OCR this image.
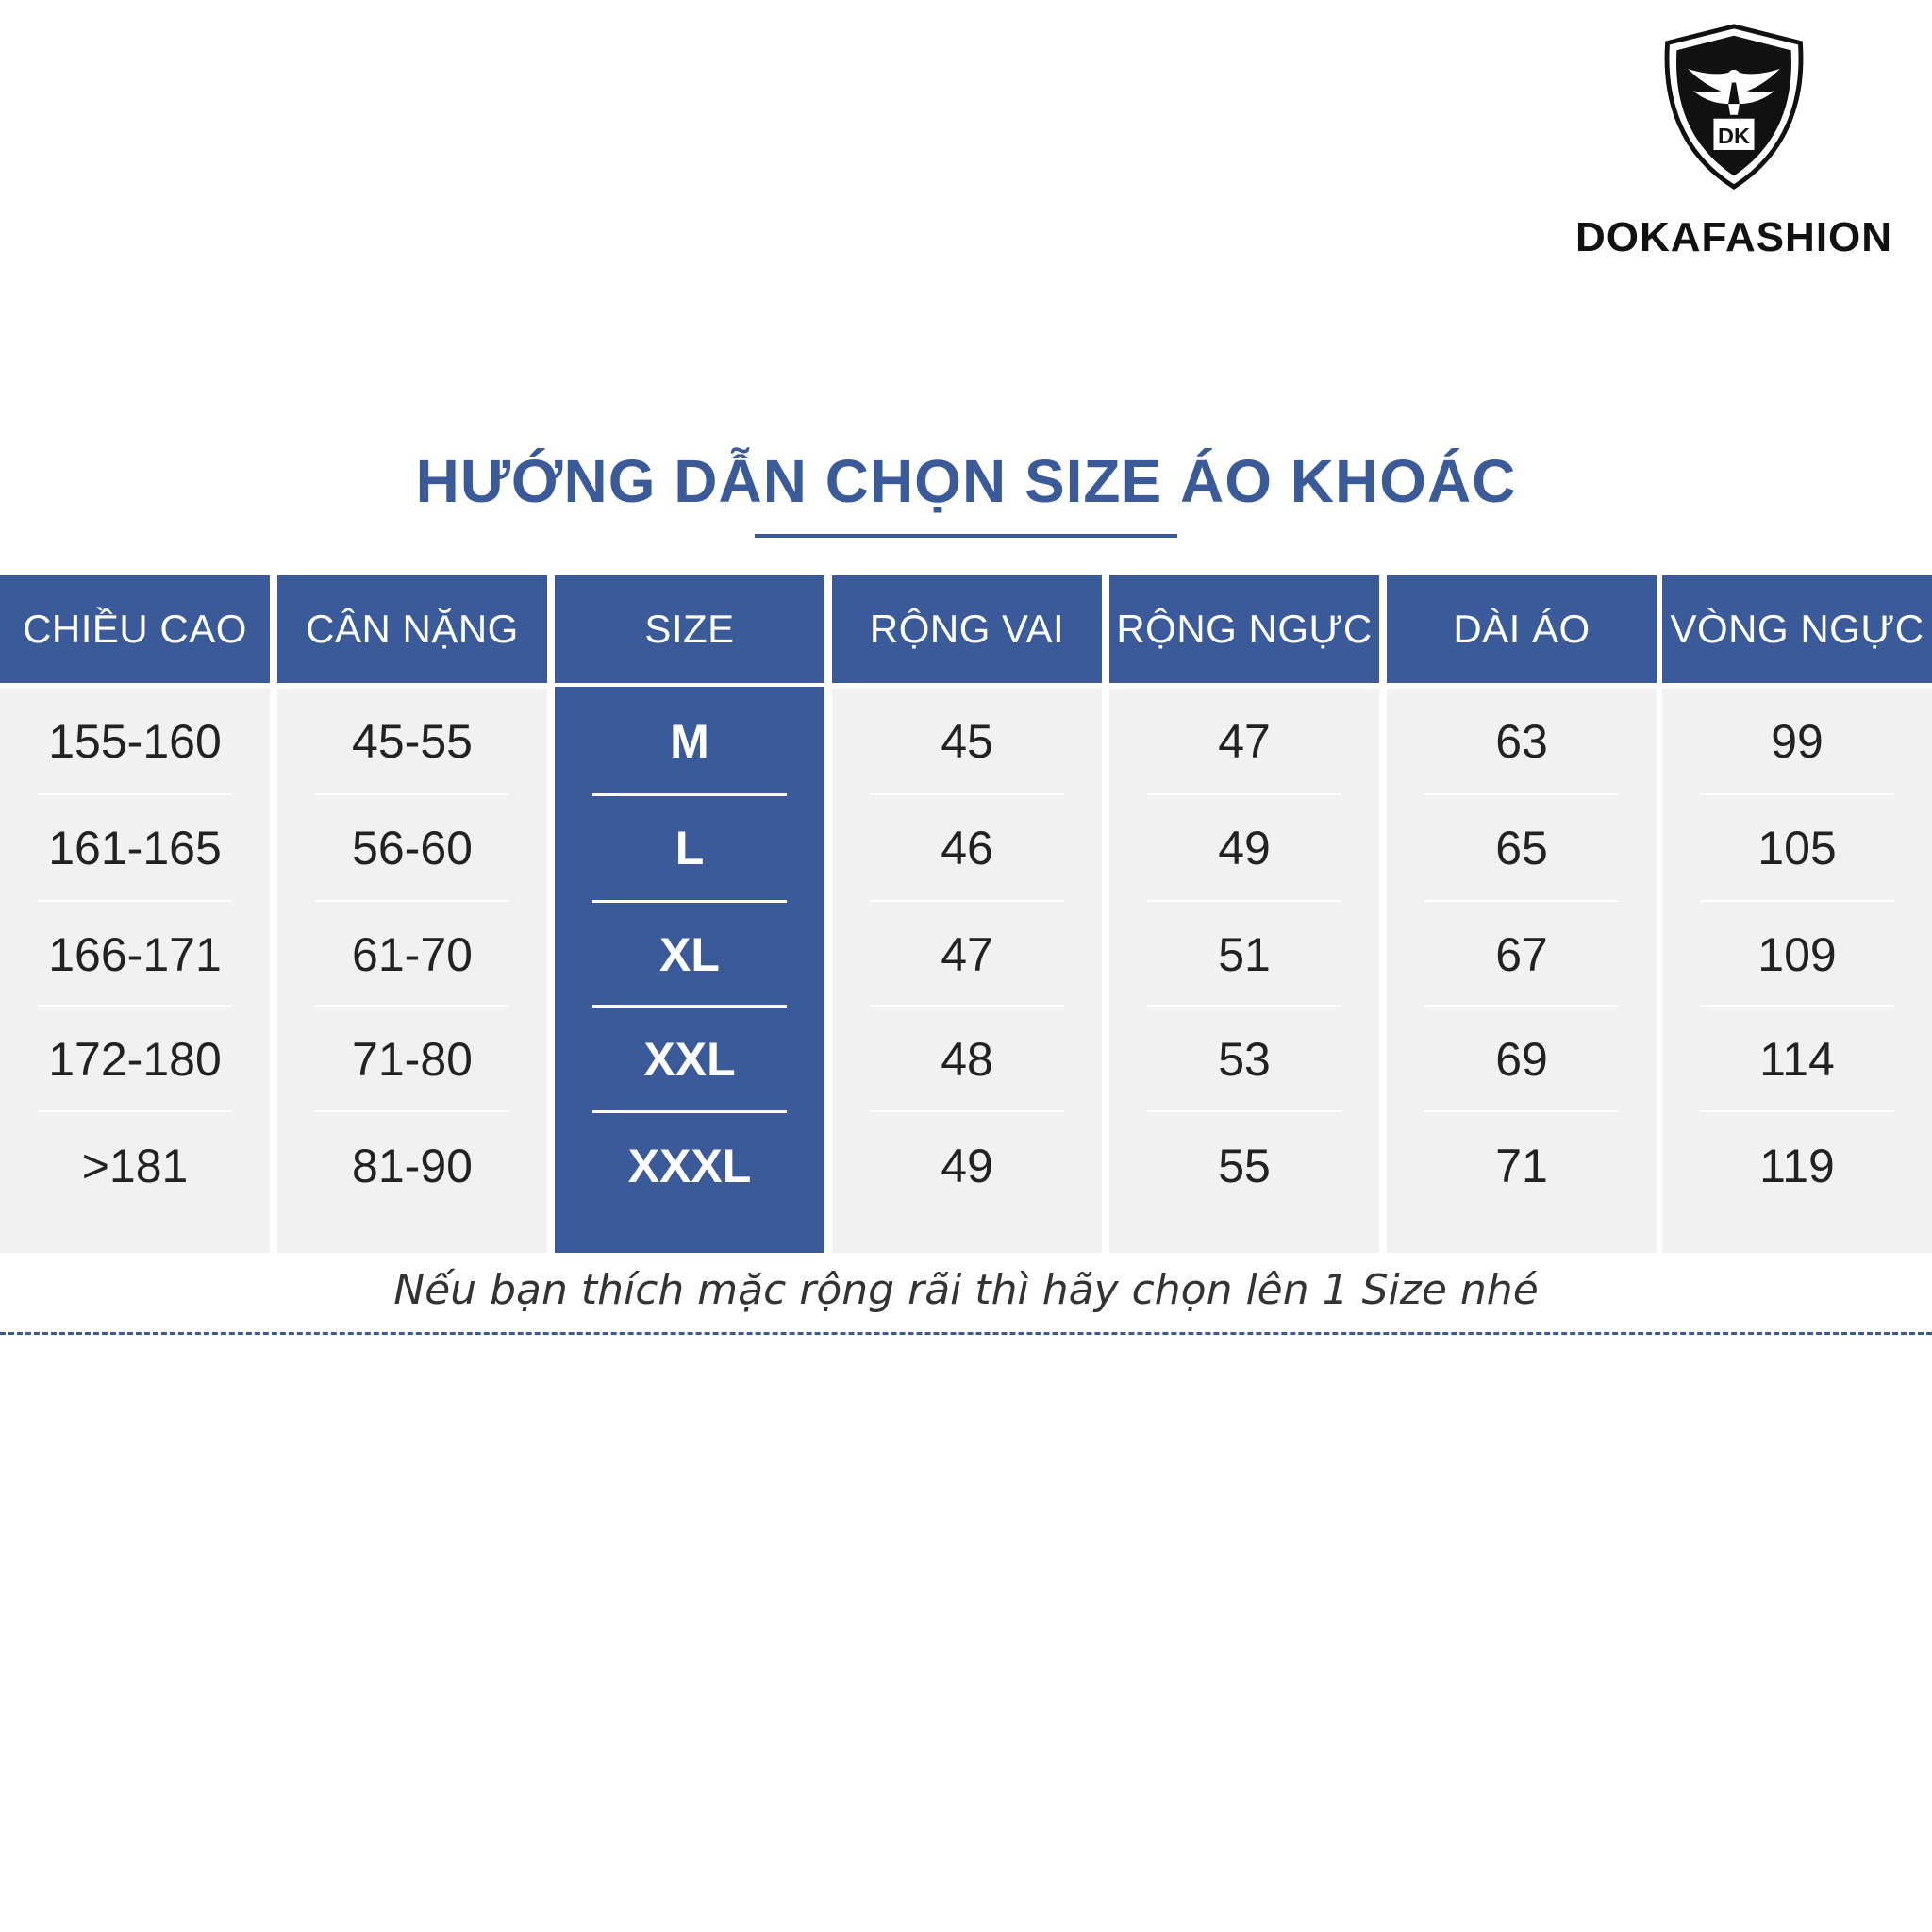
DK
DOKAFASHION
HƯỚNG DẪN CHỌN SIZE ÁO KHOÁC
CHIỀU CAO
155-160
161-165
166-171
172-180
>181
CÂN NẶNG
45-55
56-60
61-70
71-80
81-90
SIZE
M
L
XL
XXL
XXXL
RỘNG VAI
45
46
47
48
49
RỘNG NGỰC
47
49
51
53
55
DÀI ÁO
63
65
67
69
71
VÒNG NGỰC
99
105
109
114
119
Nếu bạn thích mặc rộng rãi thì hãy chọn lên 1 Size nhé
